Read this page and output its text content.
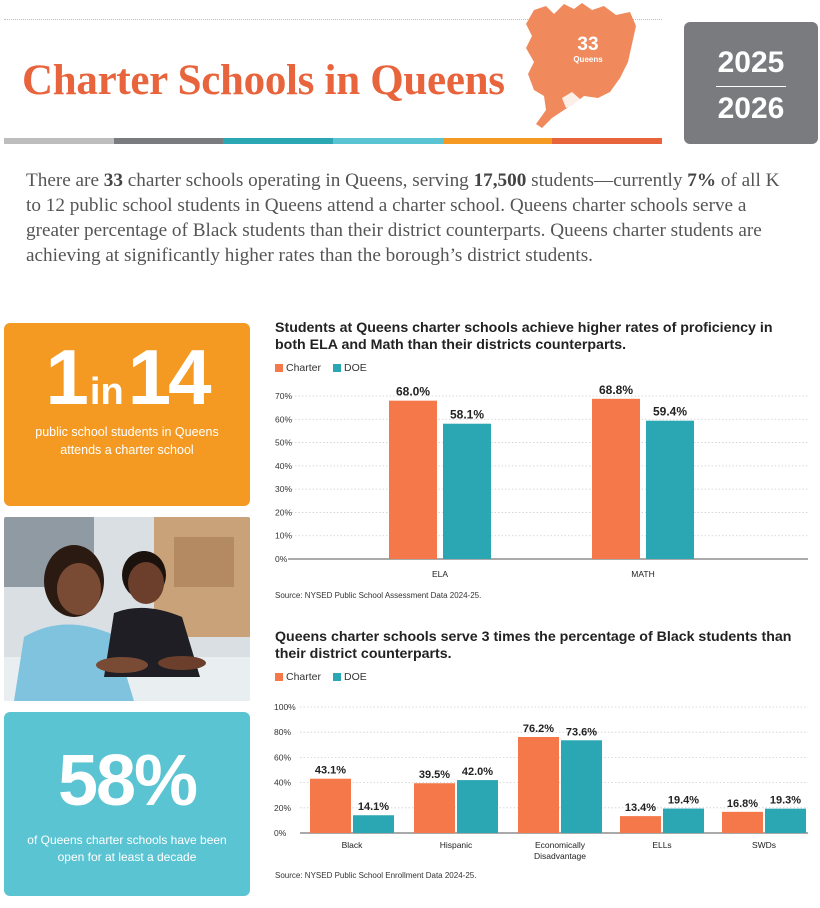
Charter Schools in Queens
33
Queens	2025
2026

There are 33 charter schools operating in Queens, serving 17,500 students—currently 7% of all K to 12 public school students in Queens attend a charter school. Queens charter schools serve a greater percentage of Black students than their district counterparts. Queens charter students are achieving at significantly higher rates than the borough’s district students.

1 in14
public school students in Queens attends a charter school
58%
of Queens charter schools have been open for at least a decade
Students at Queens charter schools achieve higher rates of proficiency in both ELA and Math than their districts counterparts.
Charter DOE
0%
10%
20%
30%
40%
50%
60%
70%	68.0%
58.1%
ELA
68.8%
59.4%
MATH
Source: NYSED Public School Assessment Data 2024-25.
Queens charter schools serve 3 times the percentage of Black students than their district counterparts.
Charter DOE
0%
20%
40%
60%
80%
100%
43.1%
14.1%
Black
39.5% 42.0%
Hispanic
76.2% 73.6%
Economically
Disadvantage
13.4%
19.4%
ELLs
16.8% 19.3%
SWDs
Source: NYSED Public School Enrollment Data 2024-25.
